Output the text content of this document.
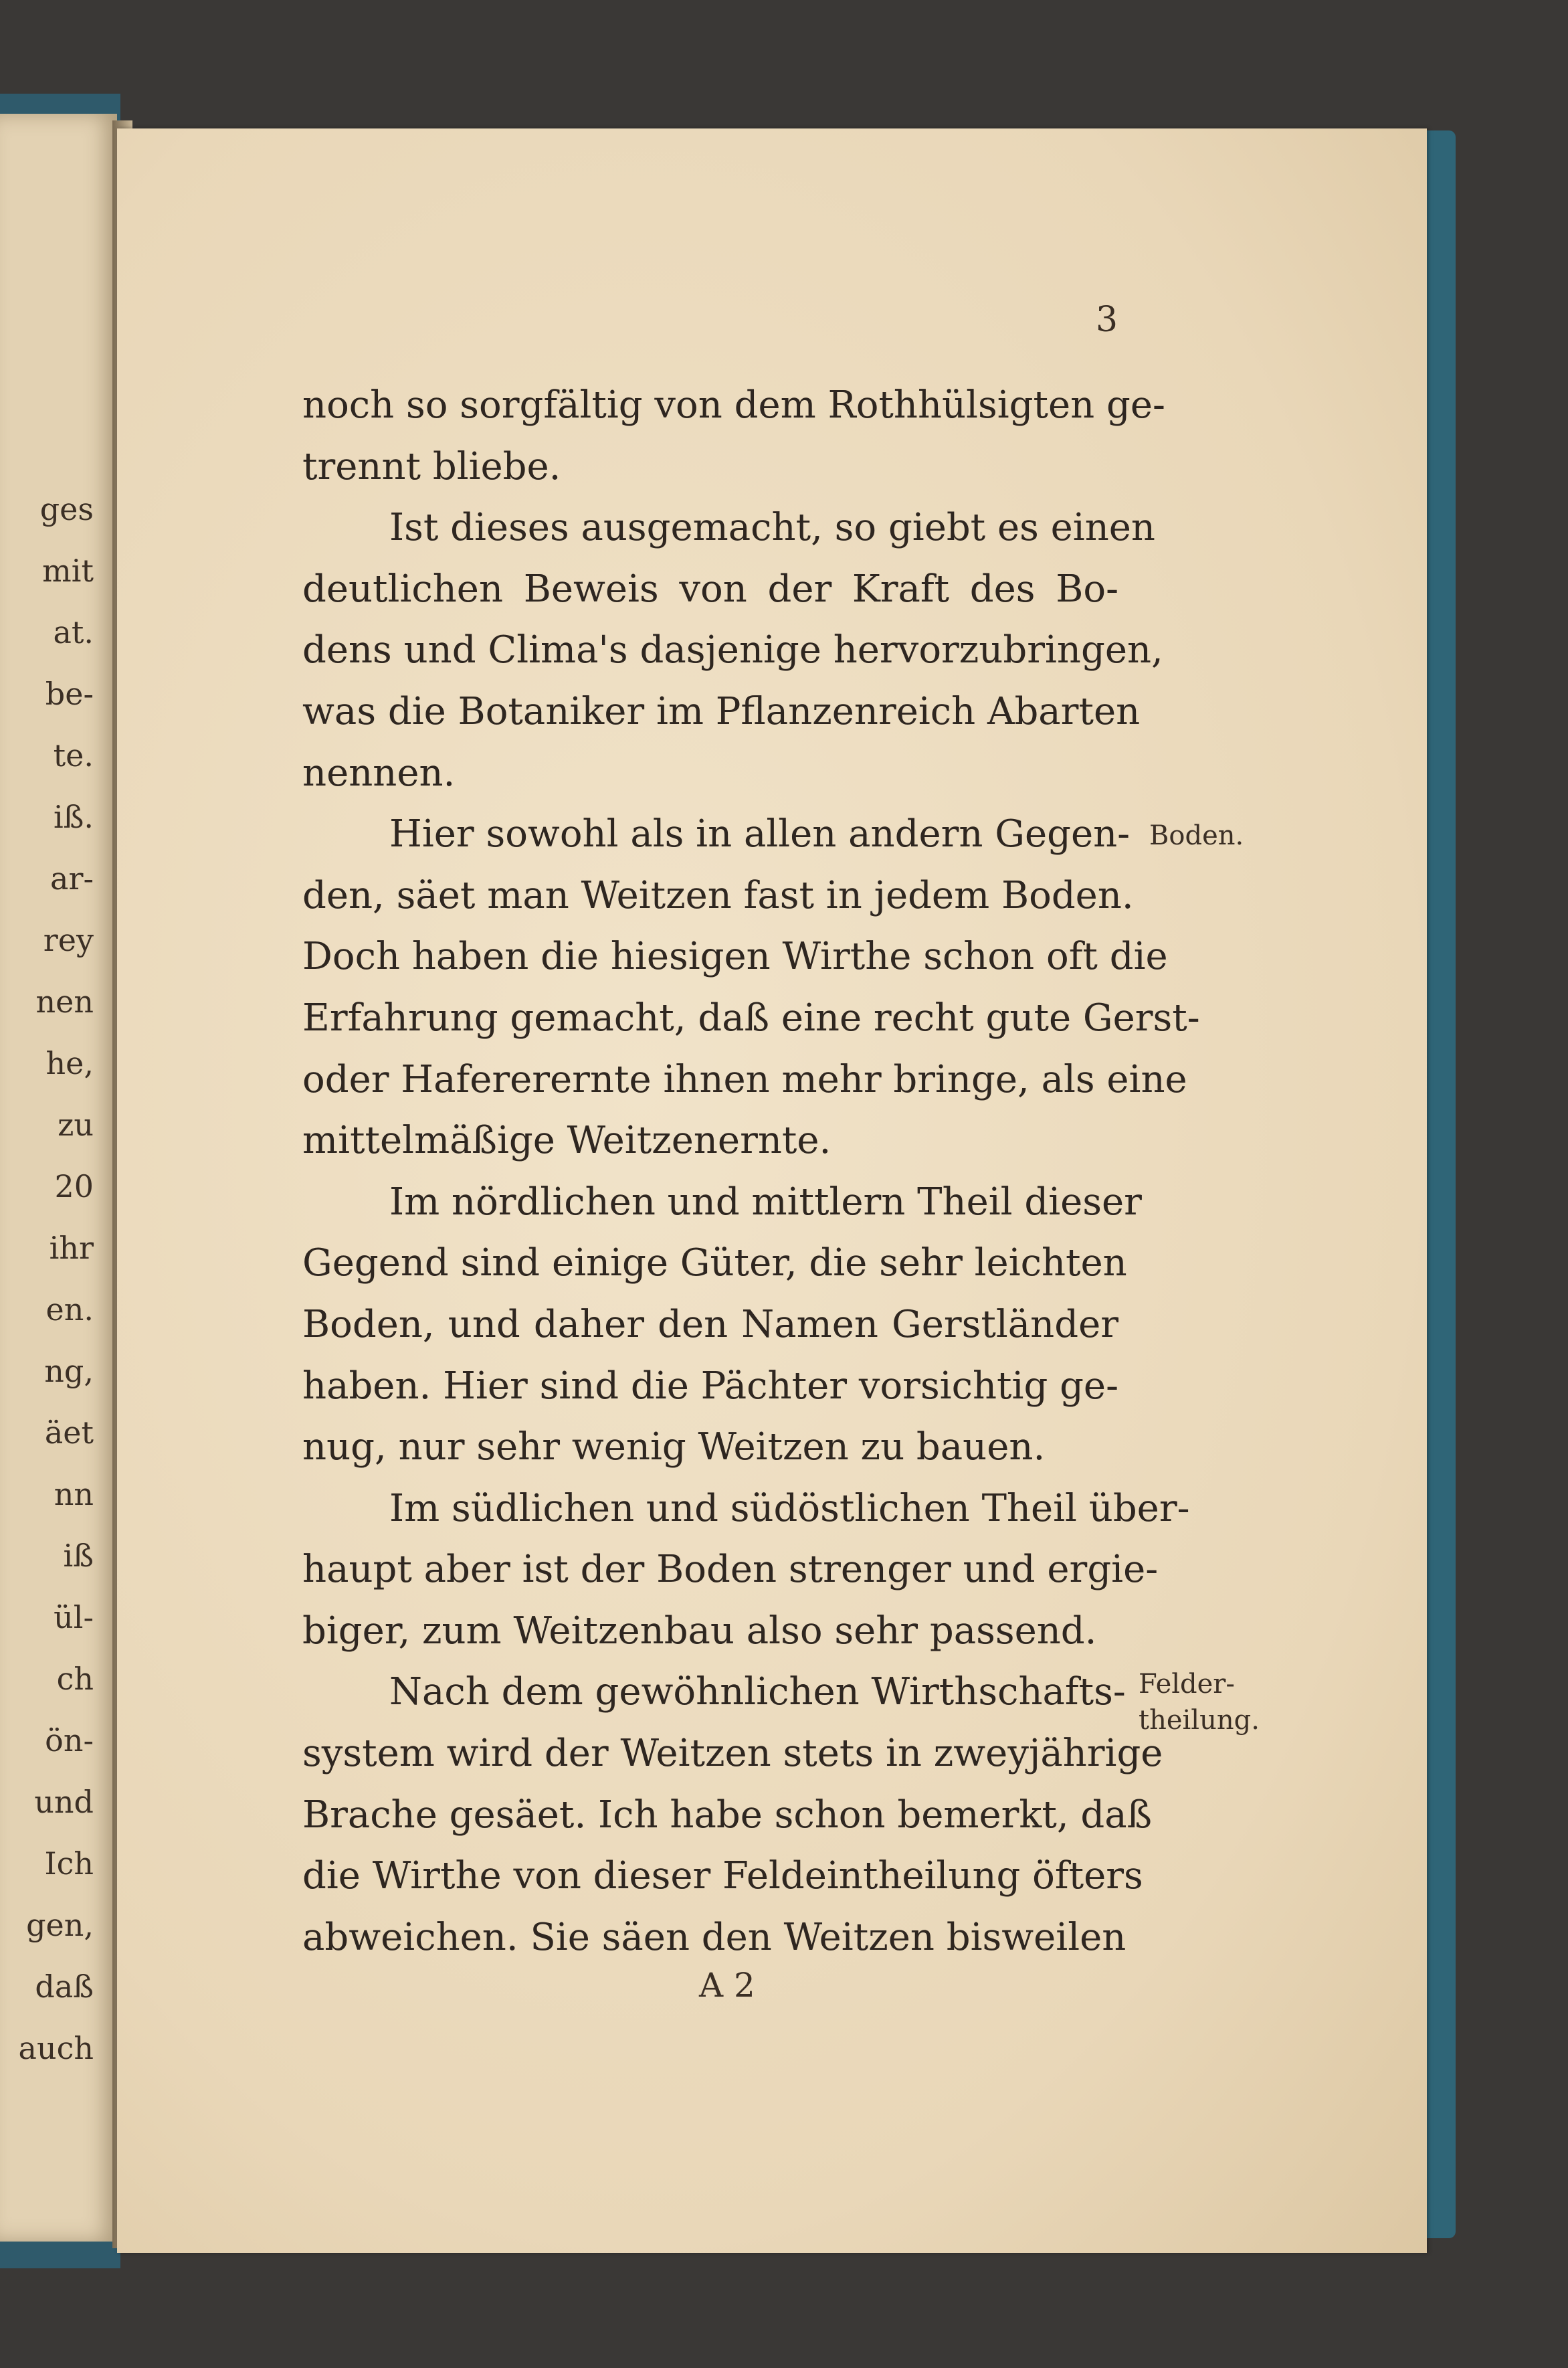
ges
mit
at.
be-
te.
iß.
ar-
rey
nen
he,
zu
20
ihr
en.
ng,
äet
nn
iß
ül-
ch
ön-
und
Ich
gen,
daß
auch
3
noch so sorgfältig von dem Rothhülsigten ge-
trennt bliebe.
Ist dieses ausgemacht, so giebt es einen
deutlichen Beweis von der Kraft des Bo-
dens und Clima's dasjenige hervorzubringen,
was die Botaniker im Pflanzenreich Abarten
nennen.
Hier sowohl als in allen andern Gegen-
den, säet man Weitzen fast in jedem Boden.
Doch haben die hiesigen Wirthe schon oft die
Erfahrung gemacht, daß eine recht gute Gerst-
oder Hafererernte ihnen mehr bringe, als eine
mittelmäßige Weitzenernte.
Im nördlichen und mittlern Theil dieser
Gegend sind einige Güter, die sehr leichten
Boden, und daher den Namen Gerstländer
haben. Hier sind die Pächter vorsichtig ge-
nug, nur sehr wenig Weitzen zu bauen.
Im südlichen und südöstlichen Theil über-
haupt aber ist der Boden strenger und ergie-
biger, zum Weitzenbau also sehr passend.
Nach dem gewöhnlichen Wirthschafts-
system wird der Weitzen stets in zweyjährige
Brache gesäet. Ich habe schon bemerkt, daß
die Wirthe von dieser Feldeintheilung öfters
abweichen. Sie säen den Weitzen bisweilen
Boden.
Felder-
theilung.
A 2
